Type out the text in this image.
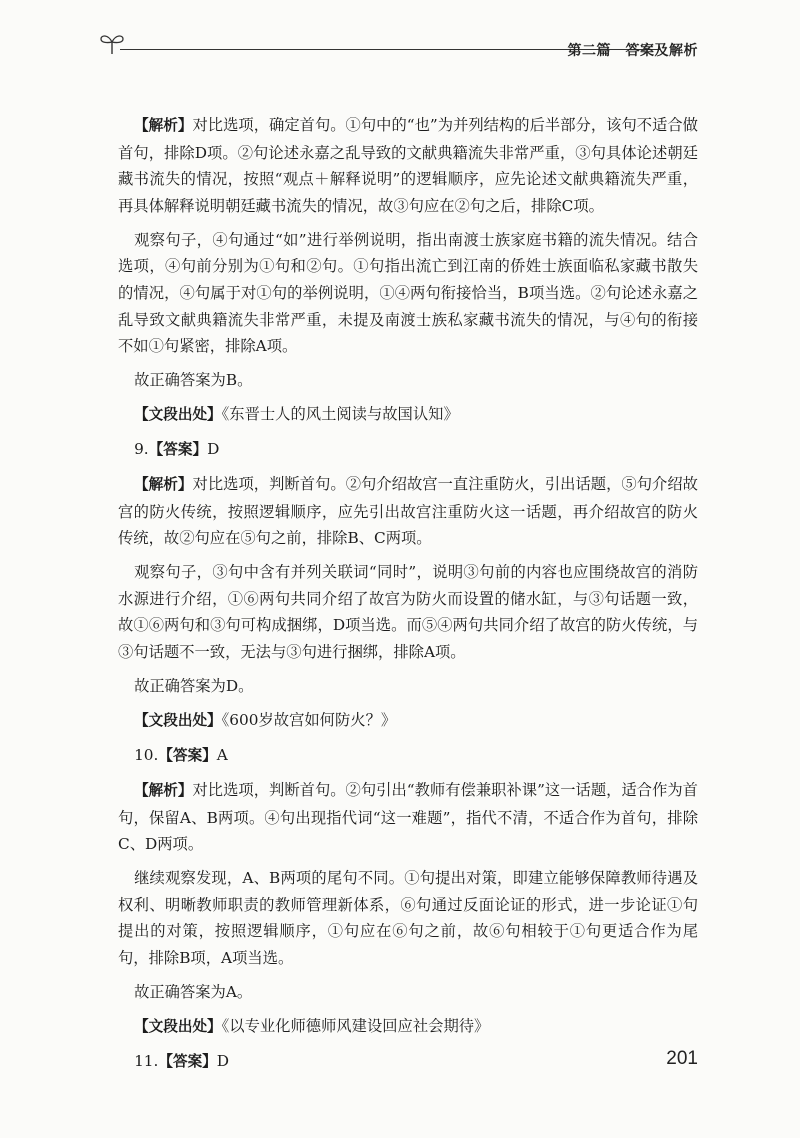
第二篇　答案及解析

【解析】对比选项，确定首句。①句中的“也”为并列结构的后半部分，该句不适合做首句，排除D项。②句论述永嘉之乱导致的文献典籍流失非常严重，③句具体论述朝廷藏书流失的情况，按照“观点＋解释说明”的逻辑顺序，应先论述文献典籍流失严重，再具体解释说明朝廷藏书流失的情况，故③句应在②句之后，排除C项。

观察句子，④句通过“如”进行举例说明，指出南渡士族家庭书籍的流失情况。结合选项，④句前分别为①句和②句。①句指出流亡到江南的侨姓士族面临私家藏书散失的情况，④句属于对①句的举例说明，①④两句衔接恰当，B项当选。②句论述永嘉之乱导致文献典籍流失非常严重，未提及南渡士族私家藏书流失的情况，与④句的衔接不如①句紧密，排除A项。

故正确答案为B。

【文段出处】《东晋士人的风土阅读与故国认知》

9.【答案】D

【解析】对比选项，判断首句。②句介绍故宫一直注重防火，引出话题，⑤句介绍故宫的防火传统，按照逻辑顺序，应先引出故宫注重防火这一话题，再介绍故宫的防火传统，故②句应在⑤句之前，排除B、C两项。

观察句子，③句中含有并列关联词“同时”，说明③句前的内容也应围绕故宫的消防水源进行介绍，①⑥两句共同介绍了故宫为防火而设置的储水缸，与③句话题一致，故①⑥两句和③句可构成捆绑，D项当选。而⑤④两句共同介绍了故宫的防火传统，与③句话题不一致，无法与③句进行捆绑，排除A项。

故正确答案为D。

【文段出处】《600岁故宫如何防火？》

10.【答案】A

【解析】对比选项，判断首句。②句引出“教师有偿兼职补课”这一话题，适合作为首句，保留A、B两项。④句出现指代词“这一难题”，指代不清，不适合作为首句，排除C、D两项。

继续观察发现，A、B两项的尾句不同。①句提出对策，即建立能够保障教师待遇及权利、明晰教师职责的教师管理新体系，⑥句通过反面论证的形式，进一步论证①句提出的对策，按照逻辑顺序，①句应在⑥句之前，故⑥句相较于①句更适合作为尾句，排除B项，A项当选。

故正确答案为A。

【文段出处】《以专业化师德师风建设回应社会期待》

11.【答案】D	201
